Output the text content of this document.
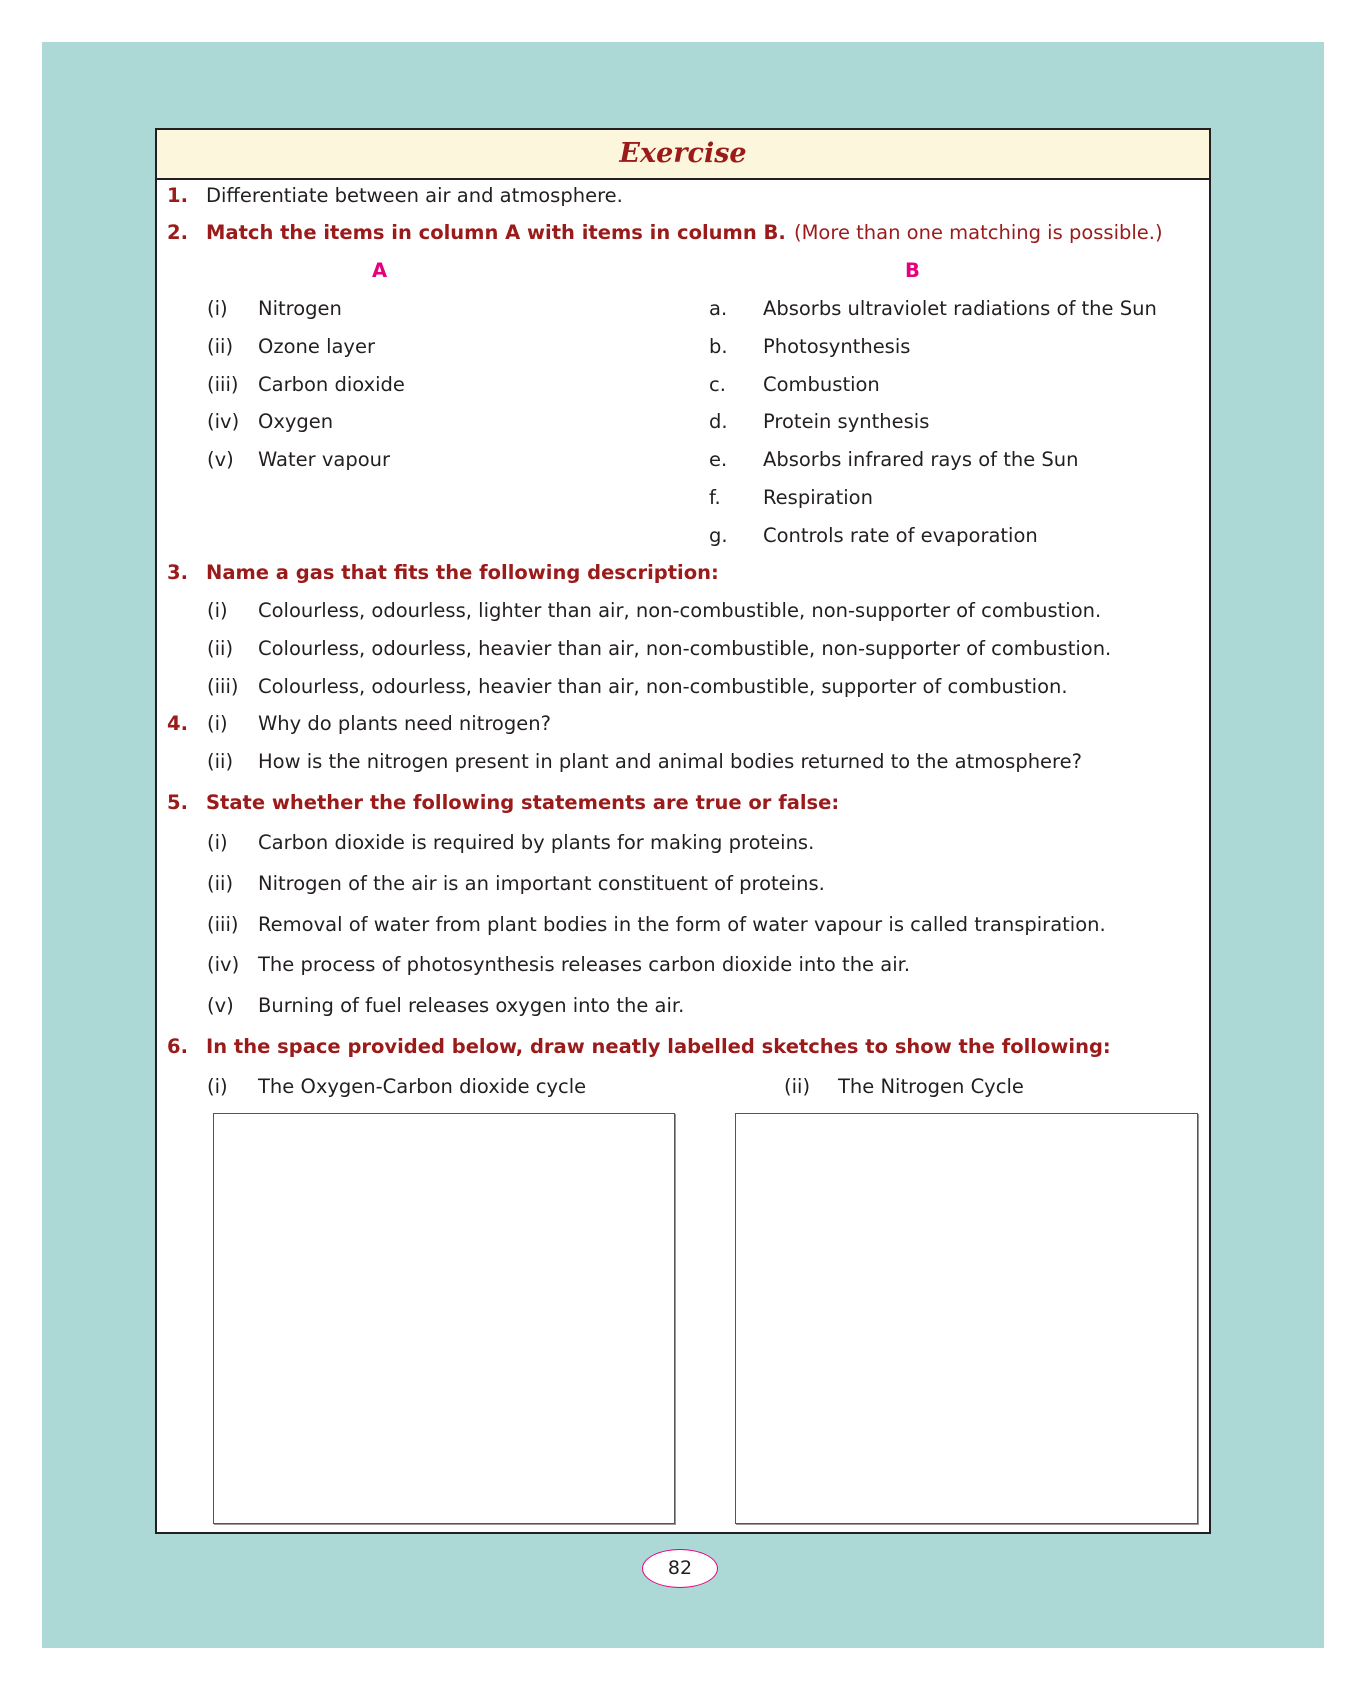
Exercise
1. Differentiate between air and atmosphere.
2. Match the items in column A with items in column B. (More than one matching is possible.)
A	B
(i) Nitrogen
(ii) Ozone layer
(iii) Carbon dioxide
(iv) Oxygen
(v) Water vapour
a. Absorbs ultraviolet radiations of the Sun
b. Photosynthesis
c. Combustion
d. Protein synthesis
e. Absorbs infrared rays of the Sun
f. Respiration
g. Controls rate of evaporation
3. Name a gas that fits the following description:
(i) Colourless, odourless, lighter than air, non-combustible, non-supporter of combustion.
(ii) Colourless, odourless, heavier than air, non-combustible, non-supporter of combustion.
(iii) Colourless, odourless, heavier than air, non-combustible, supporter of combustion.
4. (i) Why do plants need nitrogen?
(ii) How is the nitrogen present in plant and animal bodies returned to the atmosphere?
5. State whether the following statements are true or false:
(i) Carbon dioxide is required by plants for making proteins.
(ii) Nitrogen of the air is an important constituent of proteins.
(iii) Removal of water from plant bodies in the form of water vapour is called transpiration.
(iv) The process of photosynthesis releases carbon dioxide into the air.
(v) Burning of fuel releases oxygen into the air.
6. In the space provided below, draw neatly labelled sketches to show the following:
(i) The Oxygen-Carbon dioxide cycle	(ii) The Nitrogen Cycle
82
